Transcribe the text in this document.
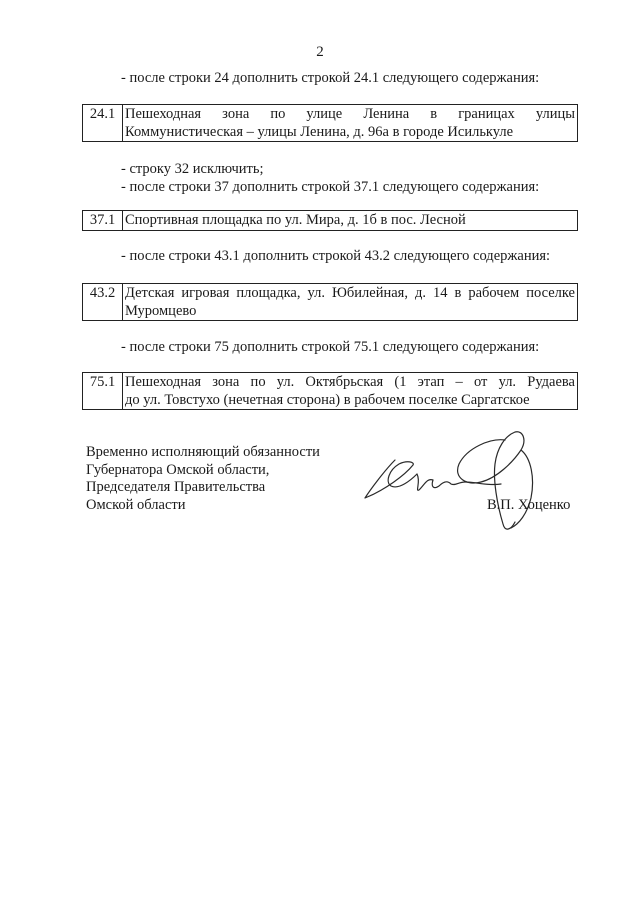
2
- после строки 24 дополнить строкой 24.1 следующего содержания:
24.1 Пешеходная зона по улице Ленина в границах улицы
Коммунистическая – улицы Ленина, д. 96а в городе Исилькуле
- строку 32 исключить;
- после строки 37 дополнить строкой 37.1 следующего содержания:
37.1 Спортивная площадка по ул. Мира, д. 1б в пос. Лесной
- после строки 43.1 дополнить строкой 43.2 следующего содержания:
43.2 Детская игровая площадка, ул. Юбилейная, д. 14 в рабочем поселке
Муромцево
- после строки 75 дополнить строкой 75.1 следующего содержания:
75.1 Пешеходная зона по ул. Октябрьская (1 этап – от ул. Рудаева
до ул. Товстухо (нечетная сторона) в рабочем поселке Саргатское
Временно исполняющий обязанности
Губернатора Омской области,
Председателя Правительства
Омской области	В.П. Хоценко
